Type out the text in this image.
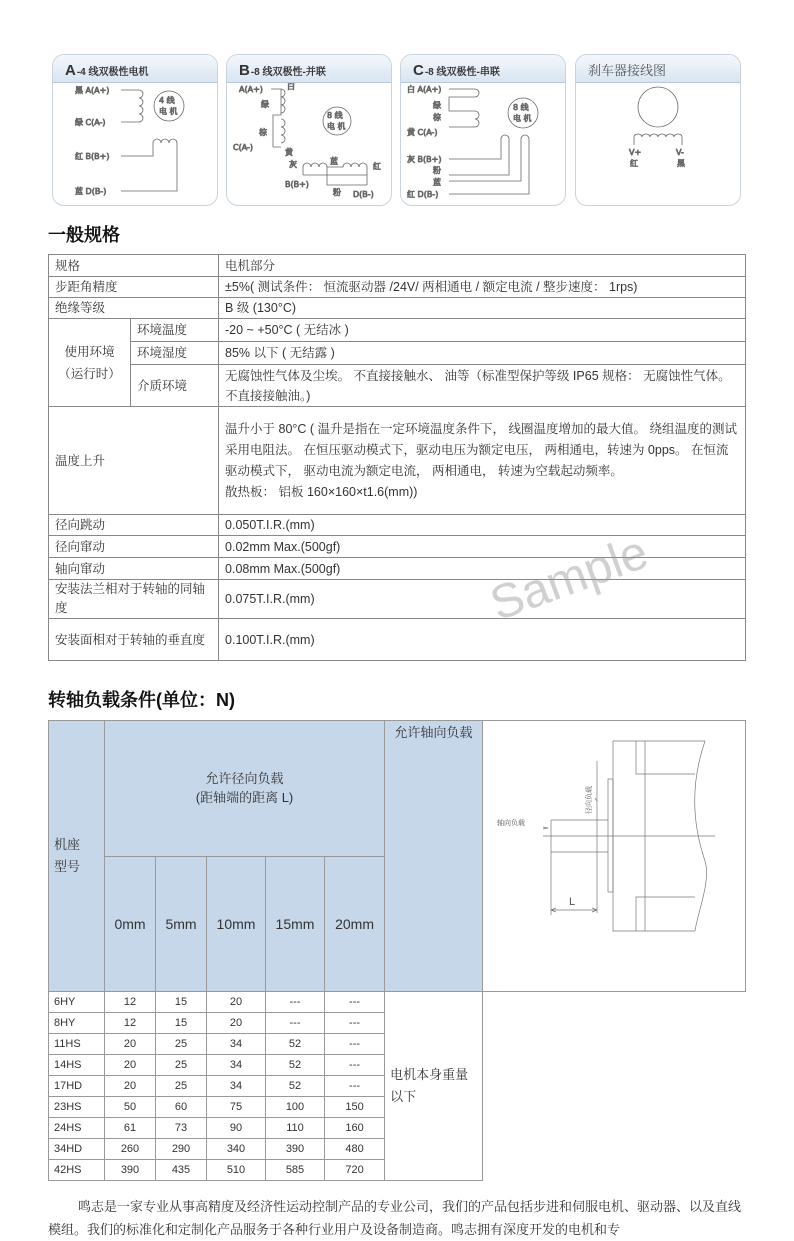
A-4 线双极性电机
黑 A(A+)
绿 C(A-)
4 线
电 机
红 B(B+)
蓝 D(B-)
B-8 线双极性-并联
A(A+)	白
绿
棕
C(A-)
黄
8 线
电 机
灰	蓝
红
B(B+)
粉 D(B-)
C-8 线双极性-串联
白 A(A+)
绿
棕
黄 C(A-)
8 线
电 机
灰 B(B+)
粉
蓝
红 D(B-)
刹车器接线图
V+
红
V-
黑
一般规格
规格		电机部分
步距角精度		±5%( 测试条件： 恒流驱动器 /24V/ 两相通电 / 额定电流 / 整步速度： 1rps)
绝缘等级		B 级 (130°C)
使用环境
（运行时）	环境温度	-20 ~ +50°C ( 无结冰 )
	环境湿度	85% 以下 ( 无结露 )
	介质环境	无腐蚀性气体及尘埃。 不直接接触水、 油等（标准型保护等级 IP65 规格： 无腐蚀性气体。 不直接接触油。)
温度上升		温升小于 80°C ( 温升是指在一定环境温度条件下， 线圈温度增加的最大值。 绕组温度的测试采用电阻法。 在恒压驱动模式下，驱动电压为额定电压， 两相通电，转速为 0pps。 在恒流驱动模式下， 驱动电流为额定电流， 两相通电， 转速为空载起动频率。
散热板： 铝板 160×160×t1.6(mm))
径向跳动		0.050T.I.R.(mm)
径向窜动		0.02mm Max.(500gf)
轴向窜动		0.08mm Max.(500gf)
安装法兰相对于转轴的同轴度		0.075T.I.R.(mm)
安装面相对于转轴的垂直度		0.100T.I.R.(mm)
Sample
转轴负载条件(单位：N)
机座型号	允许径向负载
(距轴端的距离 L)					允许轴向负载	轴向负载
径向负载
L

	0mm	5mm	10mm	15mm	20mm		
6HY	12	15	20	---	---	电机本身重量以下	
8HY	12	15	20	---	---		
11HS	20	25	34	52	---		
14HS	20	25	34	52	---		
17HD	20	25	34	52	---		
23HS	50	60	75	100	150		
24HS	61	73	90	110	160		
34HD	260	290	340	390	480		
42HS	390	435	510	585	720		

鸣志是一家专业从事高精度及经济性运动控制产品的专业公司，我们的产品包括步进和伺服电机、驱动器、以及直线模组。我们的标准化和定制化产品服务于各种行业用户及设备制造商。鸣志拥有深度开发的电机和专
